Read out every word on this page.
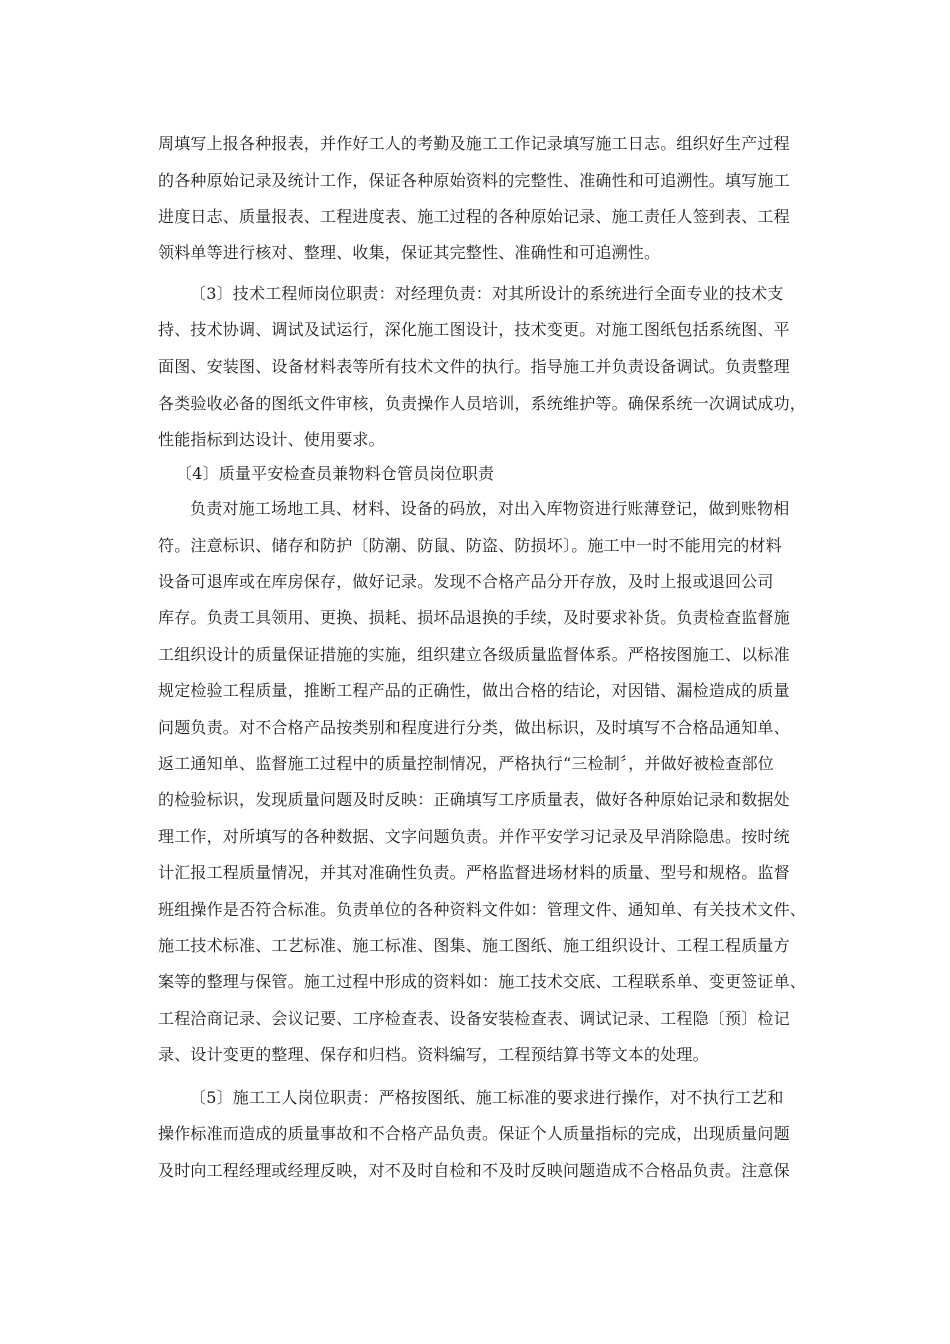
周填写上报各种报表，并作好工人的考勤及施工工作记录填写施工日志。组织好生产过程
的各种原始记录及统计工作，保证各种原始资料的完整性、准确性和可追溯性。填写施工
进度日志、质量报表、工程进度表、施工过程的各种原始记录、施工责任人签到表、工程
领料单等进行核对、整理、收集，保证其完整性、准确性和可追溯性。
〔3〕技术工程师岗位职责：对经理负责：对其所设计的系统进行全面专业的技术支
持、技术协调、调试及试运行，深化施工图设计，技术变更。对施工图纸包括系统图、平
面图、安装图、设备材料表等所有技术文件的执行。指导施工并负责设备调试。负责整理
各类验收必备的图纸文件审核，负责操作人员培训，系统维护等。确保系统一次调试成功，
性能指标到达设计、使用要求。
〔4〕质量平安检查员兼物料仓管员岗位职责
负责对施工场地工具、材料、设备的码放，对出入库物资进行账薄登记，做到账物相
符。注意标识、储存和防护〔防潮、防鼠、防盗、防损坏〕。施工中一时不能用完的材料
设备可退库或在库房保存，做好记录。发现不合格产品分开存放，及时上报或退回公司
库存。负责工具领用、更换、损耗、损坏品退换的手续，及时要求补货。负责检查监督施
工组织设计的质量保证措施的实施，组织建立各级质量监督体系。严格按图施工、以标准
规定检验工程质量，推断工程产品的正确性，做出合格的结论，对因错、漏检造成的质量
问题负责。对不合格产品按类别和程度进行分类，做出标识，及时填写不合格品通知单、
返工通知单、监督施工过程中的质量控制情况，严格执行“三检制〞，并做好被检查部位
的检验标识，发现质量问题及时反映：正确填写工序质量表，做好各种原始记录和数据处
理工作，对所填写的各种数据、文字问题负责。并作平安学习记录及早消除隐患。按时统
计汇报工程质量情况，并其对准确性负责。严格监督进场材料的质量、型号和规格。监督
班组操作是否符合标准。负责单位的各种资料文件如：管理文件、通知单、有关技术文件、
施工技术标准、工艺标准、施工标准、图集、施工图纸、施工组织设计、工程工程质量方
案等的整理与保管。施工过程中形成的资料如：施工技术交底、工程联系单、变更签证单、
工程洽商记录、会议记要、工序检查表、设备安装检查表、调试记录、工程隐〔预〕检记
录、设计变更的整理、保存和归档。资料编写，工程预结算书等文本的处理。
〔5〕施工工人岗位职责：严格按图纸、施工标准的要求进行操作，对不执行工艺和
操作标准而造成的质量事故和不合格产品负责。保证个人质量指标的完成，出现质量问题
及时向工程经理或经理反映，对不及时自检和不及时反映问题造成不合格品负责。注意保
